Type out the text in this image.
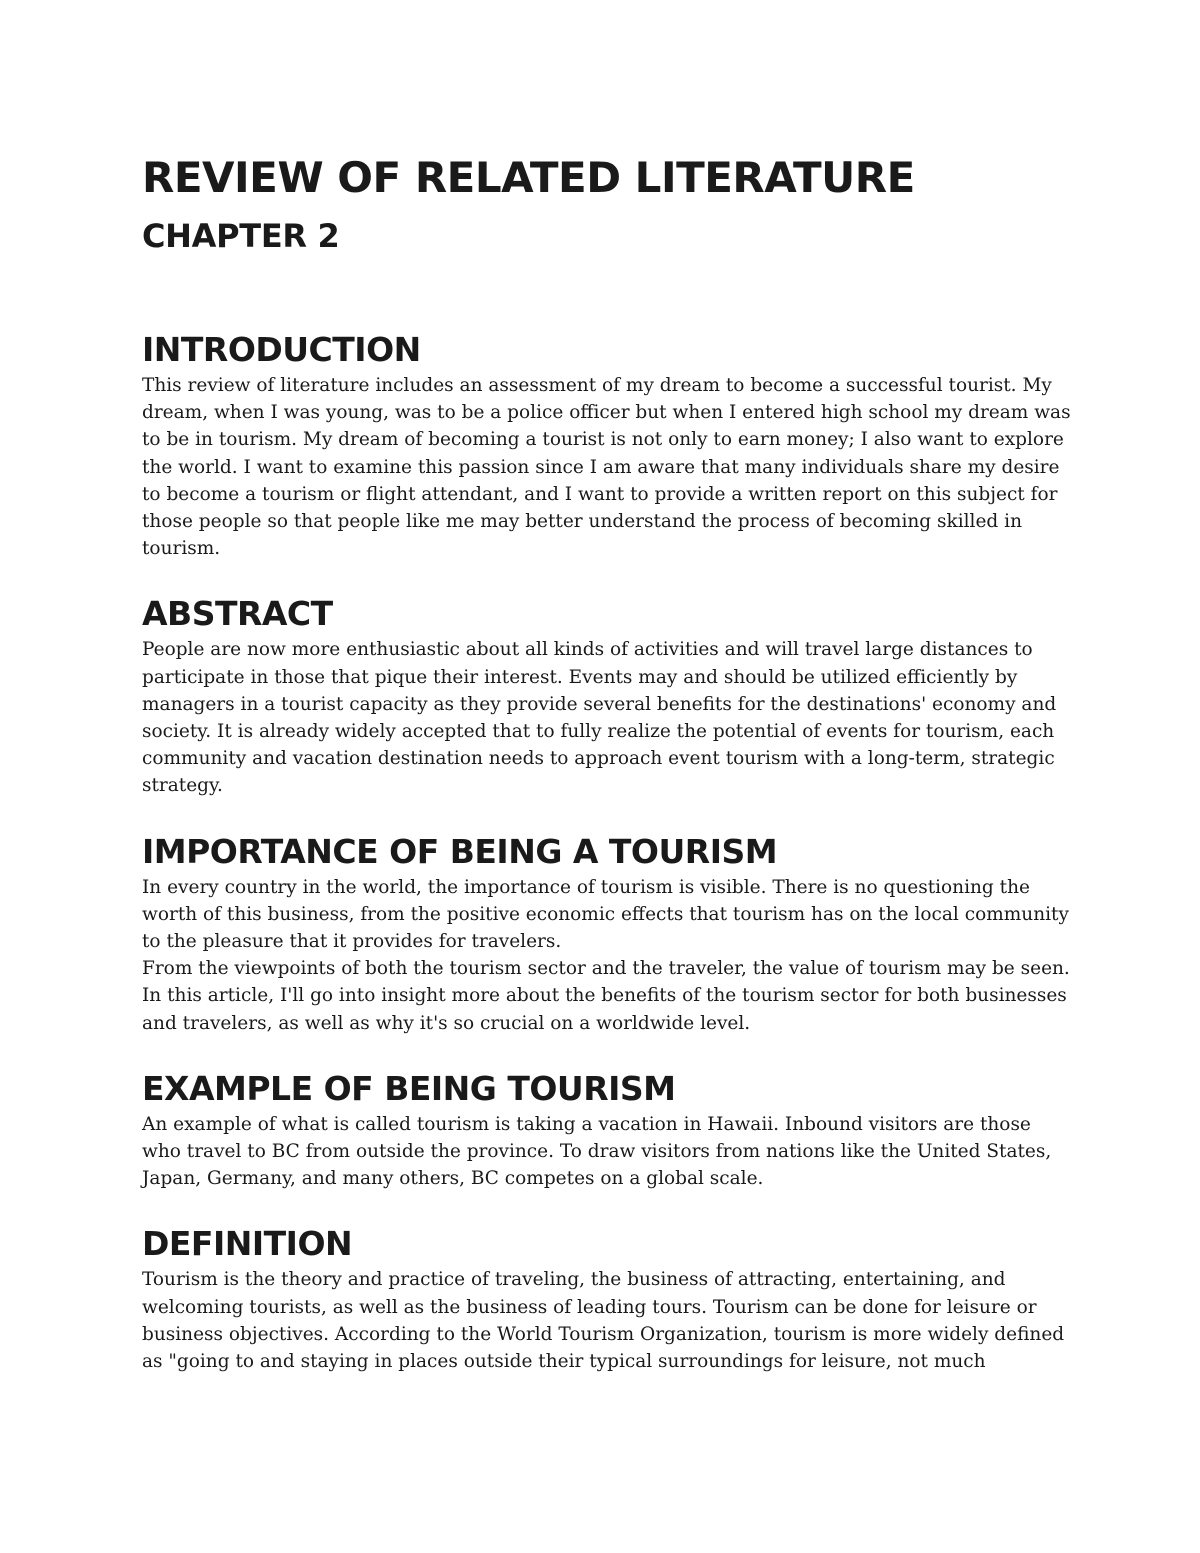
REVIEW OF RELATED LITERATURE
CHAPTER 2
INTRODUCTION

This review of literature includes an assessment of my dream to become a successful tourist. My dream, when I was young, was to be a police officer but when I entered high school my dream was to be in tourism. My dream of becoming a tourist is not only to earn money; I also want to explore the world. I want to examine this passion since I am aware that many individuals share my desire to become a tourism or flight attendant, and I want to provide a written report on this subject for those people so that people like me may better understand the process of becoming skilled in tourism.

ABSTRACT

People are now more enthusiastic about all kinds of activities and will travel large distances to participate in those that pique their interest. Events may and should be utilized efficiently by managers in a tourist capacity as they provide several benefits for the destinations' economy and society. It is already widely accepted that to fully realize the potential of events for tourism, each community and vacation destination needs to approach event tourism with a long-term, strategic strategy.

IMPORTANCE OF BEING A TOURISM

In every country in the world, the importance of tourism is visible. There is no questioning the worth of this business, from the positive economic effects that tourism has on the local community to the pleasure that it provides for travelers.

From the viewpoints of both the tourism sector and the traveler, the value of tourism may be seen. In this article, I'll go into insight more about the benefits of the tourism sector for both businesses and travelers, as well as why it's so crucial on a worldwide level.

EXAMPLE OF BEING TOURISM

An example of what is called tourism is taking a vacation in Hawaii. Inbound visitors are those who travel to BC from outside the province. To draw visitors from nations like the United States, Japan, Germany, and many others, BC competes on a global scale.

DEFINITION

Tourism is the theory and practice of traveling, the business of attracting, entertaining, and welcoming tourists, as well as the business of leading tours. Tourism can be done for leisure or business objectives. According to the World Tourism Organization, tourism is more widely defined as "going to and staying in places outside their typical surroundings for leisure, not much
